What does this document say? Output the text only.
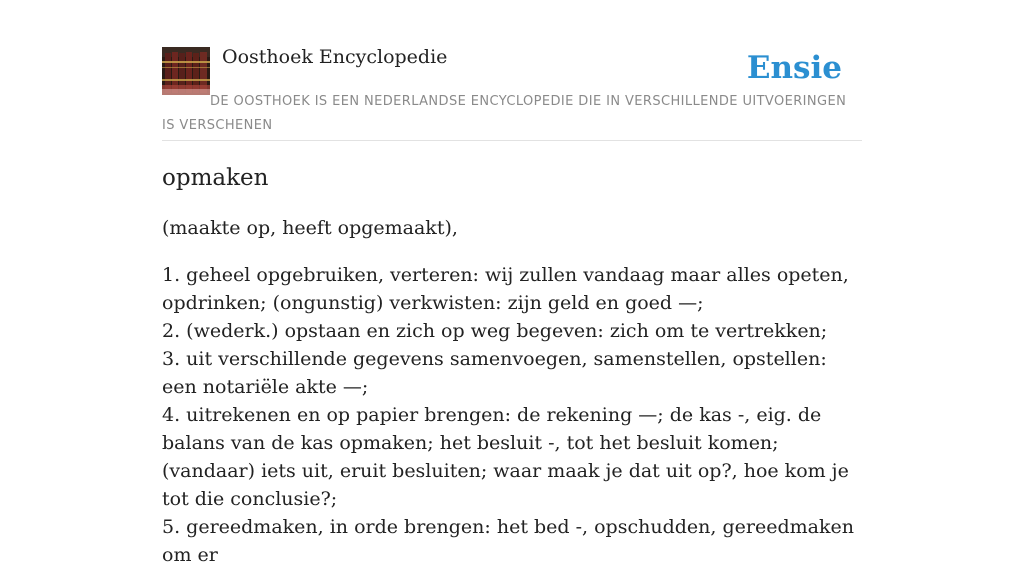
Oosthoek Encyclopedie	Ensie
DE OOSTHOEK IS EEN NEDERLANDSE ENCYCLOPEDIE DIE IN VERSCHILLENDE UITVOERINGEN IS VERSCHENEN
opmaken

(maakte op, heeft opgemaakt),

1. geheel opgebruiken, verteren: wij zullen vandaag maar alles opeten, opdrinken; (ongunstig) verkwisten: zijn geld en goed —;
2. (wederk.) opstaan en zich op weg begeven: zich om te vertrekken;
3. uit verschillende gegevens samenvoegen, samenstellen, opstellen: een notariële akte —;
4. uitrekenen en op papier brengen: de rekening —; de kas -, eig. de balans van de kas opmaken; het besluit -, tot het besluit komen; (vandaar) iets uit, eruit besluiten; waar maak je dat uit op?, hoe kom je tot die conclusie?;
5. gereedmaken, in orde brengen: het bed -, opschudden, gereedmaken om er
